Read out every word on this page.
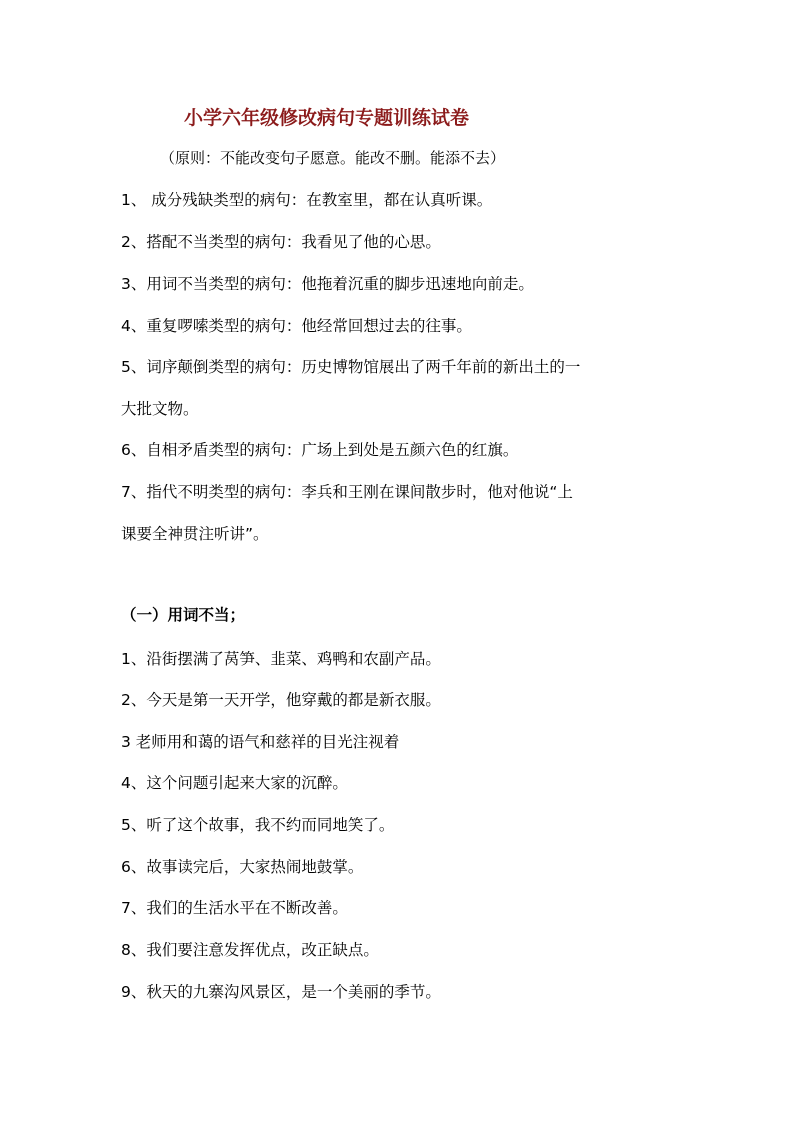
小学六年级修改病句专题训练试卷
（原则：不能改变句子愿意。能改不删。能添不去）
1、 成分残缺类型的病句：在教室里，都在认真听课。
2、搭配不当类型的病句：我看见了他的心思。
3、用词不当类型的病句：他拖着沉重的脚步迅速地向前走。
4、重复啰嗦类型的病句：他经常回想过去的往事。
5、词序颠倒类型的病句：历史博物馆展出了两千年前的新出土的一
大批文物。
6、自相矛盾类型的病句：广场上到处是五颜六色的红旗。
7、指代不明类型的病句：李兵和王刚在课间散步时，他对他说“上
课要全神贯注听讲”。
（一）用词不当；
1、沿街摆满了莴笋、韭菜、鸡鸭和农副产品。
2、今天是第一天开学，他穿戴的都是新衣服。
3 老师用和蔼的语气和慈祥的目光注视着
4、这个问题引起来大家的沉醉。
5、听了这个故事，我不约而同地笑了。
6、故事读完后，大家热闹地鼓掌。
7、我们的生活水平在不断改善。
8、我们要注意发挥优点，改正缺点。
9、秋天的九寨沟风景区，是一个美丽的季节。
